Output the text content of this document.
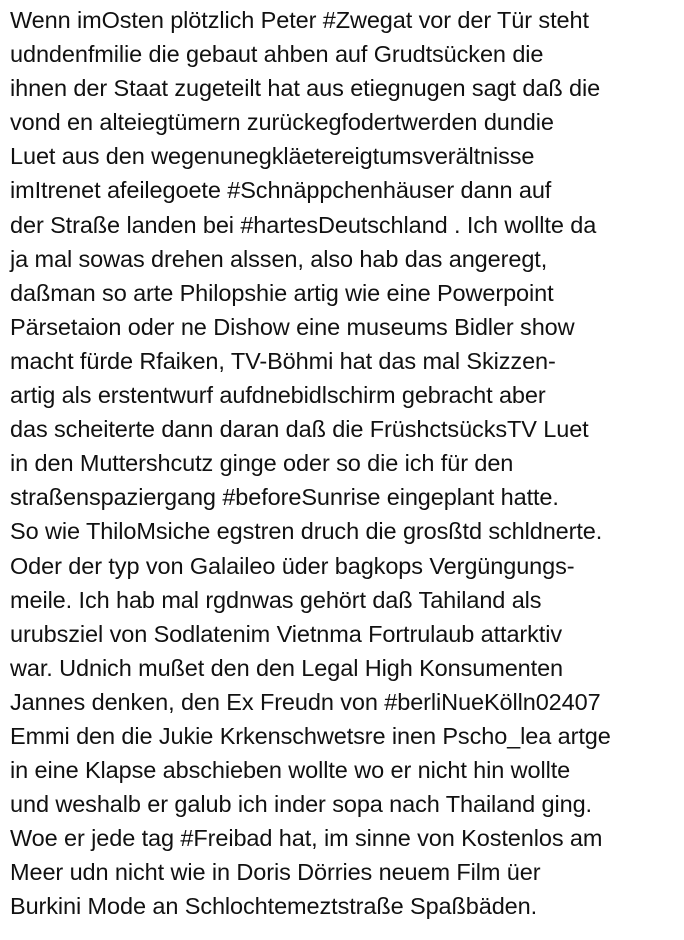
Wenn imOsten plötzlich Peter #Zwegat vor der Tür steht
udndenfmilie die gebaut ahben auf Grudtsücken die
ihnen der Staat zugeteilt hat aus etiegnugen sagt daß die
vond en alteiegtümern zurückegfodertwerden dundie
Luet aus den wegenunegkläetereigtumsverältnisse
imItrenet afeilegoete #Schnäppchenhäuser dann auf
der Straße landen bei #hartesDeutschland . Ich wollte da
ja mal sowas drehen alssen, also hab das angeregt,
daßman so arte Philopshie artig wie eine Powerpoint
Pärsetaion oder ne Dishow eine museums Bidler show
macht fürde Rfaiken, TV-Böhmi hat das mal Skizzen-
artig als erstentwurf aufdnebidlschirm gebracht aber
das scheiterte dann daran daß die FrüshctsücksTV Luet
in den Muttershcutz ginge oder so die ich für den
straßenspaziergang #beforeSunrise eingeplant hatte.
So wie ThiloMsiche egstren druch die grosßtd schldnerte.
Oder der typ von Galaileo üder bagkops Vergüngungs-
meile. Ich hab mal rgdnwas gehört daß Tahiland als
urubsziel von Sodlatenim Vietnma Fortrulaub attarktiv
war. Udnich mußet den den Legal High Konsumenten
Jannes denken, den Ex Freudn von #berliNueKölln02407
Emmi den die Jukie Krkenschwetsre inen Pscho_lea artge
in eine Klapse abschieben wollte wo er nicht hin wollte
und weshalb er galub ich inder sopa nach Thailand ging.
Woe er jede tag #Freibad hat, im sinne von Kostenlos am
Meer udn nicht wie in Doris Dörries neuem Film üer
Burkini Mode an Schlochtemeztstraße Spaßbäden.
